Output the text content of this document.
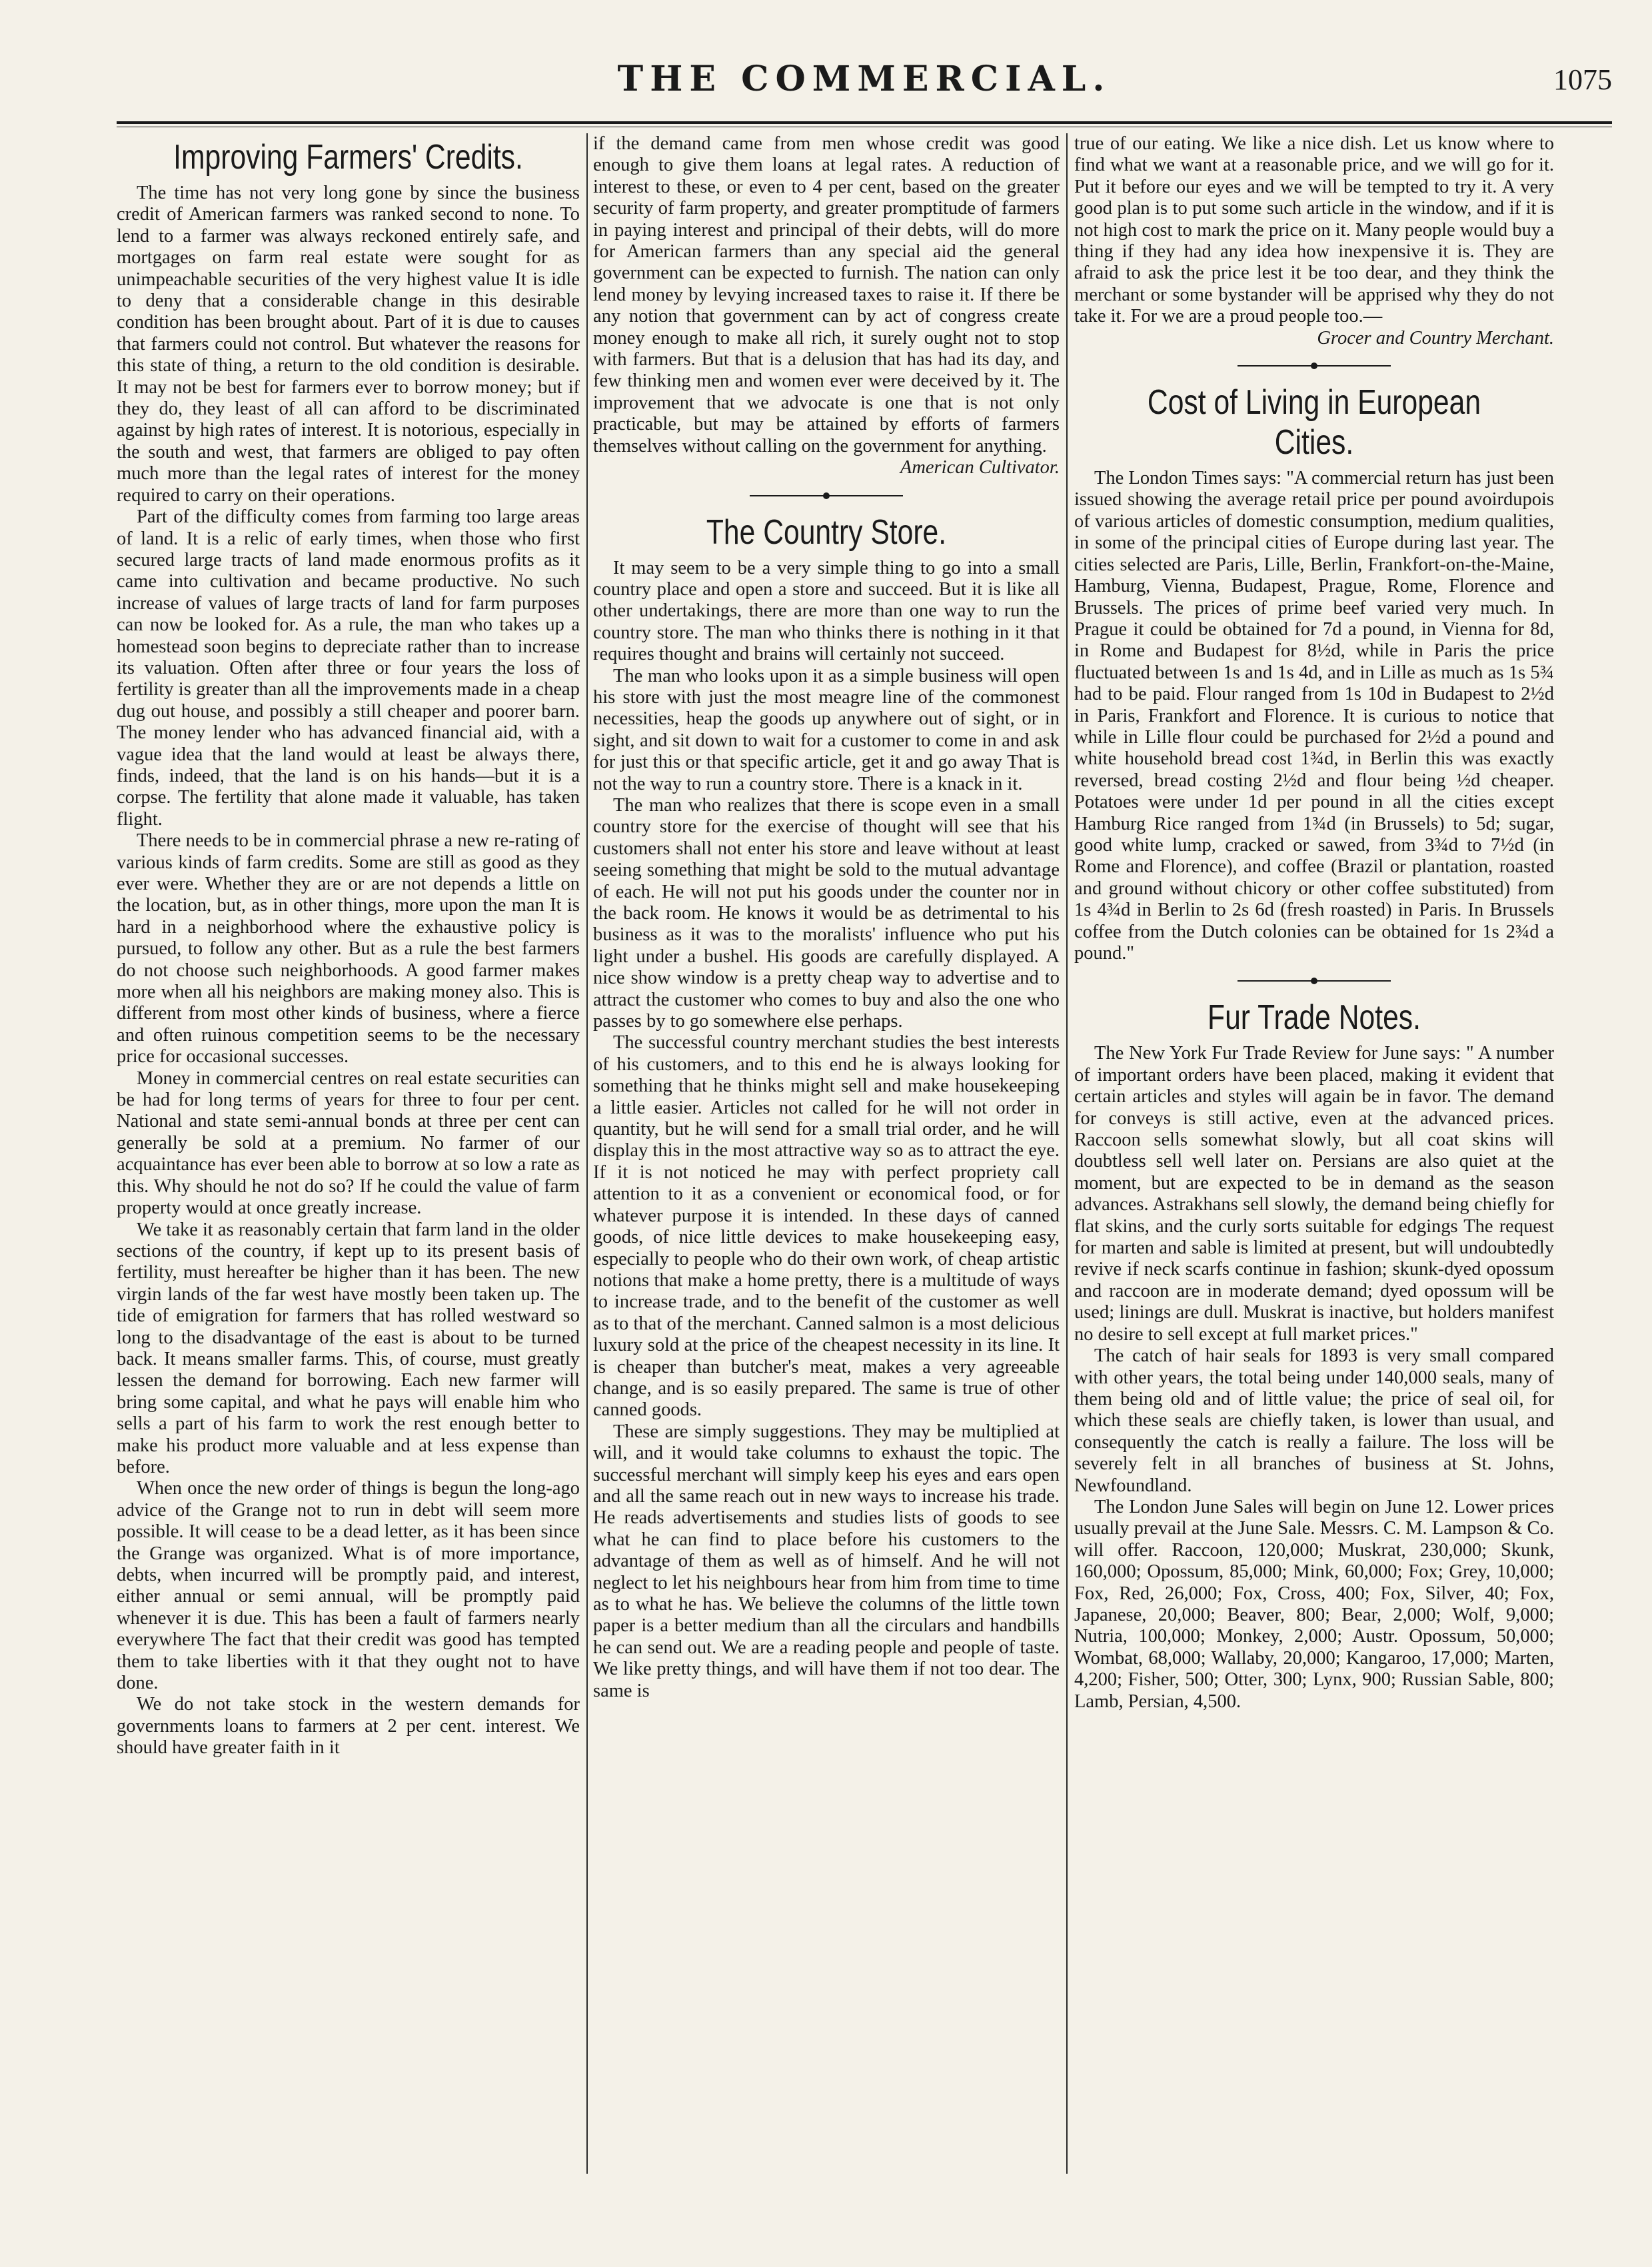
THE COMMERCIAL.	1075
Improving Farmers' Credits.

The time has not very long gone by since the business credit of American farmers was ranked second to none. To lend to a farmer was always reckoned entirely safe, and mortgages on farm real estate were sought for as unimpeachable securities of the very highest value It is idle to deny that a considerable change in this desirable condition has been brought about. Part of it is due to causes that farmers could not control. But whatever the reasons for this state of thing, a return to the old condition is desirable. It may not be best for farmers ever to borrow money; but if they do, they least of all can afford to be discriminated against by high rates of interest. It is notorious, especially in the south and west, that farmers are obliged to pay often much more than the legal rates of interest for the money required to carry on their operations.

Part of the difficulty comes from farming too large areas of land. It is a relic of early times, when those who first secured large tracts of land made enormous profits as it came into cultivation and became productive. No such increase of values of large tracts of land for farm purposes can now be looked for. As a rule, the man who takes up a homestead soon begins to depreciate rather than to increase its valuation. Often after three or four years the loss of fertility is greater than all the improvements made in a cheap dug out house, and possibly a still cheaper and poorer barn. The money lender who has advanced financial aid, with a vague idea that the land would at least be always there, finds, indeed, that the land is on his hands—but it is a corpse. The fertility that alone made it valuable, has taken flight.

There needs to be in commercial phrase a new re-rating of various kinds of farm credits. Some are still as good as they ever were. Whether they are or are not depends a little on the location, but, as in other things, more upon the man It is hard in a neighborhood where the exhaustive policy is pursued, to follow any other. But as a rule the best farmers do not choose such neighborhoods. A good farmer makes more when all his neighbors are making money also. This is different from most other kinds of business, where a fierce and often ruinous competition seems to be the necessary price for occasional successes.

Money in commercial centres on real estate securities can be had for long terms of years for three to four per cent. National and state semi-annual bonds at three per cent can generally be sold at a premium. No farmer of our acquaintance has ever been able to borrow at so low a rate as this. Why should he not do so? If he could the value of farm property would at once greatly increase.

We take it as reasonably certain that farm land in the older sections of the country, if kept up to its present basis of fertility, must hereafter be higher than it has been. The new virgin lands of the far west have mostly been taken up. The tide of emigration for farmers that has rolled westward so long to the disadvantage of the east is about to be turned back. It means smaller farms. This, of course, must greatly lessen the demand for borrowing. Each new farmer will bring some capital, and what he pays will enable him who sells a part of his farm to work the rest enough better to make his product more valuable and at less expense than before.

When once the new order of things is begun the long-ago advice of the Grange not to run in debt will seem more possible. It will cease to be a dead letter, as it has been since the Grange was organized. What is of more importance, debts, when incurred will be promptly paid, and interest, either annual or semi annual, will be promptly paid whenever it is due. This has been a fault of farmers nearly everywhere The fact that their credit was good has tempted them to take liberties with it that they ought not to have done.

We do not take stock in the western demands for governments loans to farmers at 2 per cent. interest. We should have greater faith in it

if the demand came from men whose credit was good enough to give them loans at legal rates. A reduction of interest to these, or even to 4 per cent, based on the greater security of farm property, and greater promptitude of farmers in paying interest and principal of their debts, will do more for American farmers than any special aid the general government can be expected to furnish. The nation can only lend money by levying increased taxes to raise it. If there be any notion that government can by act of congress create money enough to make all rich, it surely ought not to stop with farmers. But that is a delusion that has had its day, and few thinking men and women ever were deceived by it. The improvement that we advocate is one that is not only practicable, but may be attained by efforts of farmers themselves without calling on the government for anything.

American Cultivator.

The Country Store.

It may seem to be a very simple thing to go into a small country place and open a store and succeed. But it is like all other undertakings, there are more than one way to run the country store. The man who thinks there is nothing in it that requires thought and brains will certainly not succeed.

The man who looks upon it as a simple business will open his store with just the most meagre line of the commonest necessities, heap the goods up anywhere out of sight, or in sight, and sit down to wait for a customer to come in and ask for just this or that specific article, get it and go away That is not the way to run a country store. There is a knack in it.

The man who realizes that there is scope even in a small country store for the exercise of thought will see that his customers shall not enter his store and leave without at least seeing something that might be sold to the mutual advantage of each. He will not put his goods under the counter nor in the back room. He knows it would be as detrimental to his business as it was to the moralists' influence who put his light under a bushel. His goods are carefully displayed. A nice show window is a pretty cheap way to advertise and to attract the customer who comes to buy and also the one who passes by to go somewhere else perhaps.

The successful country merchant studies the best interests of his customers, and to this end he is always looking for something that he thinks might sell and make housekeeping a little easier. Articles not called for he will not order in quantity, but he will send for a small trial order, and he will display this in the most attractive way so as to attract the eye. If it is not noticed he may with perfect propriety call attention to it as a convenient or economical food, or for whatever purpose it is intended. In these days of canned goods, of nice little devices to make housekeeping easy, especially to people who do their own work, of cheap artistic notions that make a home pretty, there is a multitude of ways to increase trade, and to the benefit of the customer as well as to that of the merchant. Canned salmon is a most delicious luxury sold at the price of the cheapest necessity in its line. It is cheaper than butcher's meat, makes a very agreeable change, and is so easily prepared. The same is true of other canned goods.

These are simply suggestions. They may be multiplied at will, and it would take columns to exhaust the topic. The successful merchant will simply keep his eyes and ears open and all the same reach out in new ways to increase his trade. He reads advertisements and studies lists of goods to see what he can find to place before his customers to the advantage of them as well as of himself. And he will not neglect to let his neighbours hear from him from time to time as to what he has. We believe the columns of the little town paper is a better medium than all the circulars and handbills he can send out. We are a reading people and people of taste. We like pretty things, and will have them if not too dear. The same is

true of our eating. We like a nice dish. Let us know where to find what we want at a reasonable price, and we will go for it. Put it before our eyes and we will be tempted to try it. A very good plan is to put some such article in the window, and if it is not high cost to mark the price on it. Many people would buy a thing if they had any idea how inexpensive it is. They are afraid to ask the price lest it be too dear, and they think the merchant or some bystander will be apprised why they do not take it. For we are a proud people too.—

Grocer and Country Merchant.

Cost of Living in European Cities.

The London Times says: "A commercial return has just been issued showing the average retail price per pound avoirdupois of various articles of domestic consumption, medium qualities, in some of the principal cities of Europe during last year. The cities selected are Paris, Lille, Berlin, Frankfort-on-the-Maine, Hamburg, Vienna, Budapest, Prague, Rome, Florence and Brussels. The prices of prime beef varied very much. In Prague it could be obtained for 7d a pound, in Vienna for 8d, in Rome and Budapest for 8½d, while in Paris the price fluctuated between 1s and 1s 4d, and in Lille as much as 1s 5¾ had to be paid. Flour ranged from 1s 10d in Budapest to 2½d in Paris, Frankfort and Florence. It is curious to notice that while in Lille flour could be purchased for 2½d a pound and white household bread cost 1¾d, in Berlin this was exactly reversed, bread costing 2½d and flour being ½d cheaper. Potatoes were under 1d per pound in all the cities except Hamburg Rice ranged from 1¾d (in Brussels) to 5d; sugar, good white lump, cracked or sawed, from 3¾d to 7½d (in Rome and Florence), and coffee (Brazil or plantation, roasted and ground without chicory or other coffee substituted) from 1s 4¾d in Berlin to 2s 6d (fresh roasted) in Paris. In Brussels coffee from the Dutch colonies can be obtained for 1s 2¾d a pound."

Fur Trade Notes.

The New York Fur Trade Review for June says: " A number of important orders have been placed, making it evident that certain articles and styles will again be in favor. The demand for conveys is still active, even at the advanced prices. Raccoon sells somewhat slowly, but all coat skins will doubtless sell well later on. Persians are also quiet at the moment, but are expected to be in demand as the season advances. Astrakhans sell slowly, the demand being chiefly for flat skins, and the curly sorts suitable for edgings The request for marten and sable is limited at present, but will undoubtedly revive if neck scarfs continue in fashion; skunk-dyed opossum and raccoon are in moderate demand; dyed opossum will be used; linings are dull. Muskrat is inactive, but holders manifest no desire to sell except at full market prices."

The catch of hair seals for 1893 is very small compared with other years, the total being under 140,000 seals, many of them being old and of little value; the price of seal oil, for which these seals are chiefly taken, is lower than usual, and consequently the catch is really a failure. The loss will be severely felt in all branches of business at St. Johns, Newfoundland.

The London June Sales will begin on June 12. Lower prices usually prevail at the June Sale. Messrs. C. M. Lampson & Co. will offer. Raccoon, 120,000; Muskrat, 230,000; Skunk, 160,000; Opossum, 85,000; Mink, 60,000; Fox; Grey, 10,000; Fox, Red, 26,000; Fox, Cross, 400; Fox, Silver, 40; Fox, Japanese, 20,000; Beaver, 800; Bear, 2,000; Wolf, 9,000; Nutria, 100,000; Monkey, 2,000; Austr. Opossum, 50,000; Wombat, 68,000; Wallaby, 20,000; Kangaroo, 17,000; Marten, 4,200; Fisher, 500; Otter, 300; Lynx, 900; Russian Sable, 800; Lamb, Persian, 4,500.
